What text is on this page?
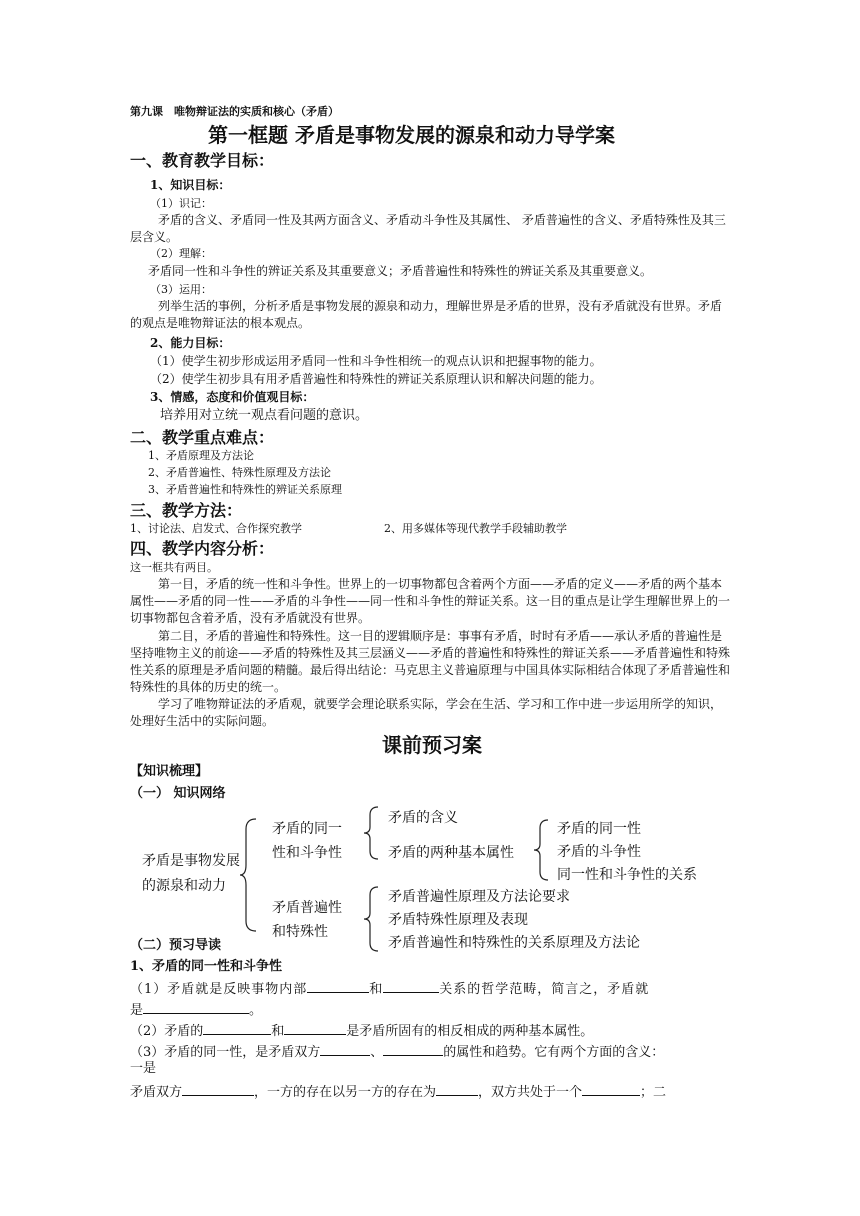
第九课　唯物辩证法的实质和核心（矛盾）
第一框题 矛盾是事物发展的源泉和动力导学案
一、教育教学目标：
1、知识目标：
（1）识记：
矛盾的含义、矛盾同一性及其两方面含义、矛盾动斗争性及其属性、 矛盾普遍性的含义、矛盾特殊性及其三层含义。
（2）理解：
矛盾同一性和斗争性的辨证关系及其重要意义；矛盾普遍性和特殊性的辨证关系及其重要意义。
（3）运用：
列举生活的事例，分析矛盾是事物发展的源泉和动力，理解世界是矛盾的世界，没有矛盾就没有世界。矛盾的观点是唯物辩证法的根本观点。
2、能力目标：
（1）使学生初步形成运用矛盾同一性和斗争性相统一的观点认识和把握事物的能力。
（2）使学生初步具有用矛盾普遍性和特殊性的辨证关系原理认识和解决问题的能力。
3、情感，态度和价值观目标：
培养用对立统一观点看问题的意识。
二、教学重点难点：
1、矛盾原理及方法论
2、矛盾普遍性、特殊性原理及方法论
3、矛盾普遍性和特殊性的辨证关系原理
三、教学方法：
1、讨论法、启发式、合作探究教学	2、用多媒体等现代教学手段辅助教学
四、教学内容分析：
这一框共有两目。
第一目，矛盾的统一性和斗争性。世界上的一切事物都包含着两个方面——矛盾的定义——矛盾的两个基本属性——矛盾的同一性——矛盾的斗争性——同一性和斗争性的辩证关系。这一目的重点是让学生理解世界上的一切事物都包含着矛盾，没有矛盾就没有世界。
第二目，矛盾的普遍性和特殊性。这一目的逻辑顺序是：事事有矛盾，时时有矛盾——承认矛盾的普遍性是坚持唯物主义的前途——矛盾的特殊性及其三层涵义——矛盾的普遍性和特殊性的辩证关系——矛盾普遍性和特殊性关系的原理是矛盾问题的精髓。最后得出结论：马克思主义普遍原理与中国具体实际相结合体现了矛盾普遍性和特殊性的具体的历史的统一。
学习了唯物辩证法的矛盾观，就要学会理论联系实际，学会在生活、学习和工作中进一步运用所学的知识，处理好生活中的实际问题。
课前预习案
【知识梳理】
（一） 知识网络
矛盾是事物发展
的源泉和动力
矛盾的同一
性和斗争性
矛盾的含义
矛盾的两种基本属性
矛盾的同一性
矛盾的斗争性
同一性和斗争性的关系
矛盾普遍性
和特殊性
矛盾普遍性原理及方法论要求
矛盾特殊性原理及表现
矛盾普遍性和特殊性的关系原理及方法论
（二）预习导读
1、矛盾的同一性和斗争性
（1）矛盾就是反映事物内部	和	关系的哲学范畴，简言之，矛盾就
是	。
（2）矛盾的	和	是矛盾所固有的相反相成的两种基本属性。
（3）矛盾的同一性，是矛盾双方	、	的属性和趋势。它有两个方面的含义：
一是
矛盾双方	，一方的存在以另一方的存在为	，双方共处于一个	；二
